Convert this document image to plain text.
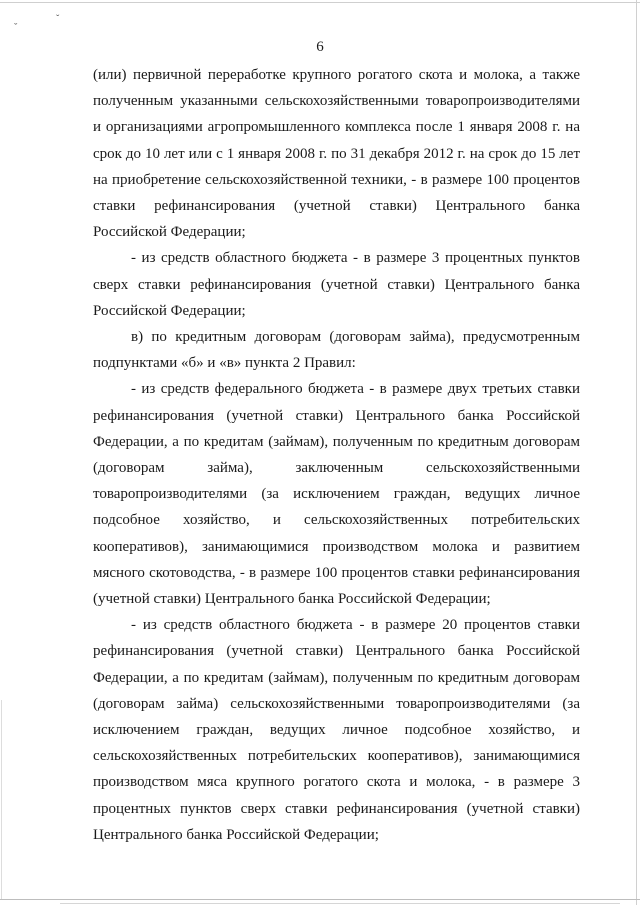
ˬ	ˇ
6

(или) первичной переработке крупного рогатого скота и молока, а также полученным указанными сельскохозяйственными товаропроизводителями и организациями агропромышленного комплекса после 1 января 2008 г. на срок до 10 лет или с 1 января 2008 г. по 31 декабря 2012 г. на срок до 15 лет на приобретение сельскохозяйственной техники, - в размере 100 процентов ставки рефинансирования (учетной ставки) Центрального банка Российской Федерации;

- из средств областного бюджета - в размере 3 процентных пунктов сверх ставки рефинансирования (учетной ставки) Центрального банка Российской Федерации;

в) по кредитным договорам (договорам займа), предусмотренным подпунктами «б» и «в» пункта 2 Правил:

- из средств федерального бюджета - в размере двух третьих ставки рефинансирования (учетной ставки) Центрального банка Российской Федерации, а по кредитам (займам), полученным по кредитным договорам (договорам займа), заключенным сельскохозяйственными товаропроизводителями (за исключением граждан, ведущих личное подсобное хозяйство, и сельскохозяйственных потребительских кооперативов), занимающимися производством молока и развитием мясного скотоводства, - в размере 100 процентов ставки рефинансирования (учетной ставки) Центрального банка Российской Федерации;

- из средств областного бюджета - в размере 20 процентов ставки рефинансирования (учетной ставки) Центрального банка Российской Федерации, а по кредитам (займам), полученным по кредитным договорам (договорам займа) сельскохозяйственными товаропроизводителями (за исключением граждан, ведущих личное подсобное хозяйство, и сельскохозяйственных потребительских кооперативов), занимающимися производством мяса крупного рогатого скота и молока, - в размере 3 процентных пунктов сверх ставки рефинансирования (учетной ставки) Центрального банка Российской Федерации;
